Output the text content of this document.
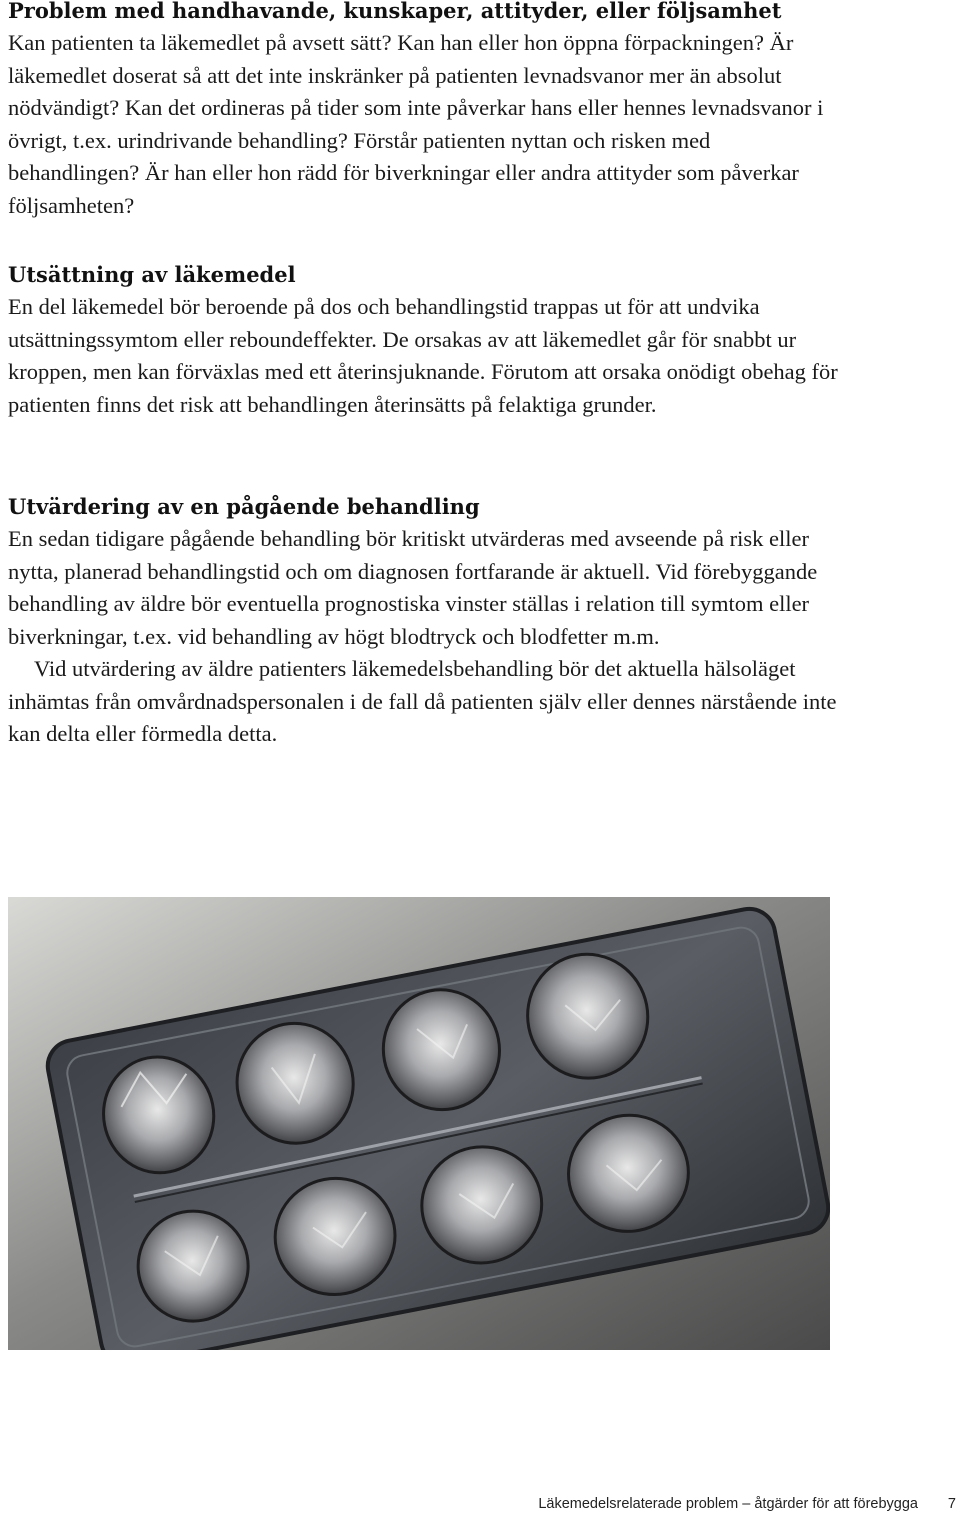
Problem med handhavande, kunskaper, attityder, eller följsamhet

Kan patienten ta läkemedlet på avsett sätt? Kan han eller hon öppna förpackningen? Är läkemedlet doserat så att det inte inskränker på patienten levnadsvanor mer än absolut nödvändigt? Kan det ordineras på tider som inte påverkar hans eller hennes levnadsvanor i övrigt, t.ex. urindrivande behandling? Förstår patienten nyttan och risken med behandlingen? Är han eller hon rädd för biverkningar eller andra attityder som påverkar följsamheten?

Utsättning av läkemedel

En del läkemedel bör beroende på dos och behandlingstid trappas ut för att undvika utsättningssymtom eller reboundeffekter. De orsakas av att läkemedlet går för snabbt ur kroppen, men kan förväxlas med ett återinsjuknande. Förutom att orsaka onödigt obehag för patienten finns det risk att behandlingen återinsätts på felaktiga grunder.

Utvärdering av en pågående behandling

En sedan tidigare pågående behandling bör kritiskt utvärderas med avseende på risk eller nytta, planerad behandlingstid och om diagnosen fortfarande är aktuell. Vid förebyggande behandling av äldre bör eventuella prognostiska vinster ställas i relation till symtom eller biverkningar, t.ex. vid behandling av högt blodtryck och blodfetter m.m.

Vid utvärdering av äldre patienters läkemedelsbehandling bör det aktuella hälsoläget inhämtas från omvårdnadspersonalen i de fall då patienten själv eller dennes närstående inte kan delta eller förmedla detta.

Läkemedelsrelaterade problem – åtgärder för att förebygga 7
